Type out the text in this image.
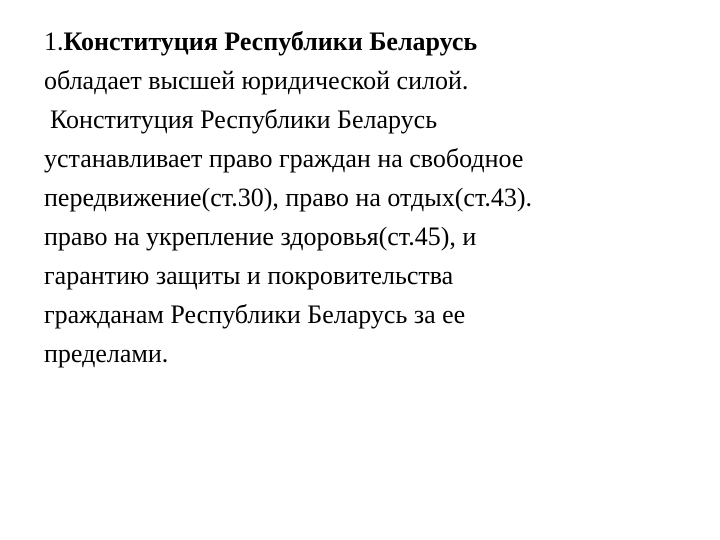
1.Конституция Республики Беларусь
обладает высшей юридической силой.

Конституция Республики Беларусь
устанавливает право граждан на свободное
передвижение(ст.30), право на отдых(ст.43).
право на укрепление здоровья(ст.45), и
гарантию защиты и покровительства
гражданам Республики Беларусь за ее
пределами.
